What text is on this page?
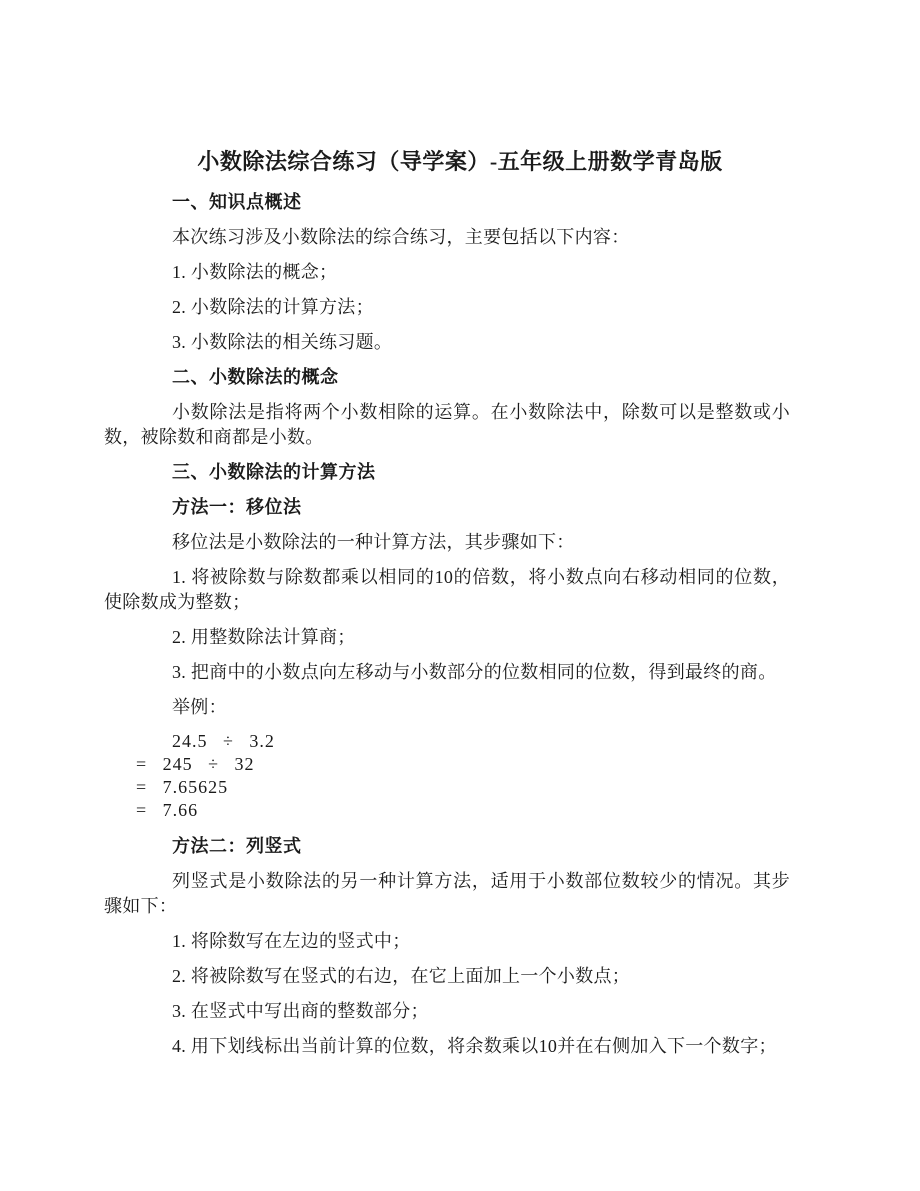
小数除法综合练习（导学案）-五年级上册数学青岛版
一、知识点概述

本次练习涉及小数除法的综合练习，主要包括以下内容：

1. 小数除法的概念；

2. 小数除法的计算方法；

3. 小数除法的相关练习题。

二、小数除法的概念

小数除法是指将两个小数相除的运算。在小数除法中，除数可以是整数或小数，被除数和商都是小数。

三、小数除法的计算方法
方法一：移位法

移位法是小数除法的一种计算方法，其步骤如下：

1. 将被除数与除数都乘以相同的10的倍数，将小数点向右移动相同的位数，使除数成为整数；

2. 用整数除法计算商；

3. 把商中的小数点向左移动与小数部分的位数相同的位数，得到最终的商。

举例：

24.5 ÷ 3.2

= 245 ÷ 32

= 7.65625

= 7.66

方法二：列竖式

列竖式是小数除法的另一种计算方法，适用于小数部位数较少的情况。其步骤如下：

1. 将除数写在左边的竖式中；

2. 将被除数写在竖式的右边，在它上面加上一个小数点；

3. 在竖式中写出商的整数部分；

4. 用下划线标出当前计算的位数，将余数乘以10并在右侧加入下一个数字；
